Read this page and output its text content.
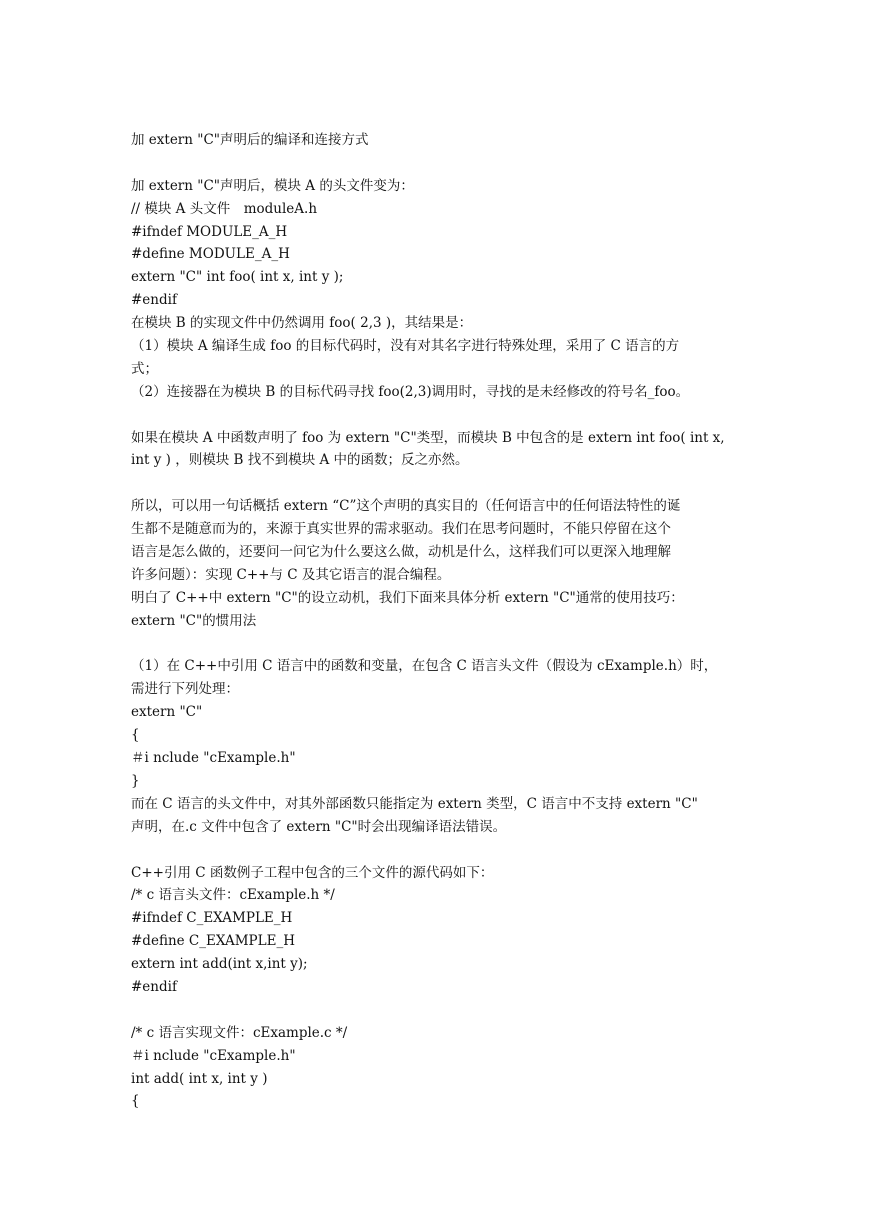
加 extern "C"声明后的编译和连接方式

加 extern "C"声明后，模块 A 的头文件变为：

// 模块 A 头文件　moduleA.h

#ifndef MODULE_A_H

#define MODULE_A_H

extern "C" int foo( int x, int y );

#endif

在模块 B 的实现文件中仍然调用 foo( 2,3 )，其结果是：

（1）模块 A 编译生成 foo 的目标代码时，没有对其名字进行特殊处理，采用了 C 语言的方

式；

（2）连接器在为模块 B 的目标代码寻找 foo(2,3)调用时，寻找的是未经修改的符号名_foo。

如果在模块 A 中函数声明了 foo 为 extern "C"类型，而模块 B 中包含的是 extern int foo( int x,

int y ) ，则模块 B 找不到模块 A 中的函数；反之亦然。

所以，可以用一句话概括 extern “C”这个声明的真实目的（任何语言中的任何语法特性的诞

生都不是随意而为的，来源于真实世界的需求驱动。我们在思考问题时，不能只停留在这个

语言是怎么做的，还要问一问它为什么要这么做，动机是什么，这样我们可以更深入地理解

许多问题）：实现 C++与 C 及其它语言的混合编程。

明白了 C++中 extern "C"的设立动机，我们下面来具体分析 extern "C"通常的使用技巧：

extern "C"的惯用法

（1）在 C++中引用 C 语言中的函数和变量，在包含 C 语言头文件（假设为 cExample.h）时，

需进行下列处理：

extern "C"

{

＃i nclude "cExample.h"

}

而在 C 语言的头文件中，对其外部函数只能指定为 extern 类型，C 语言中不支持 extern "C"

声明，在.c 文件中包含了 extern "C"时会出现编译语法错误。

C++引用 C 函数例子工程中包含的三个文件的源代码如下：

/* c 语言头文件：cExample.h */

#ifndef C_EXAMPLE_H

#define C_EXAMPLE_H

extern int add(int x,int y);

#endif

/* c 语言实现文件：cExample.c */

＃i nclude "cExample.h"

int add( int x, int y )

{
